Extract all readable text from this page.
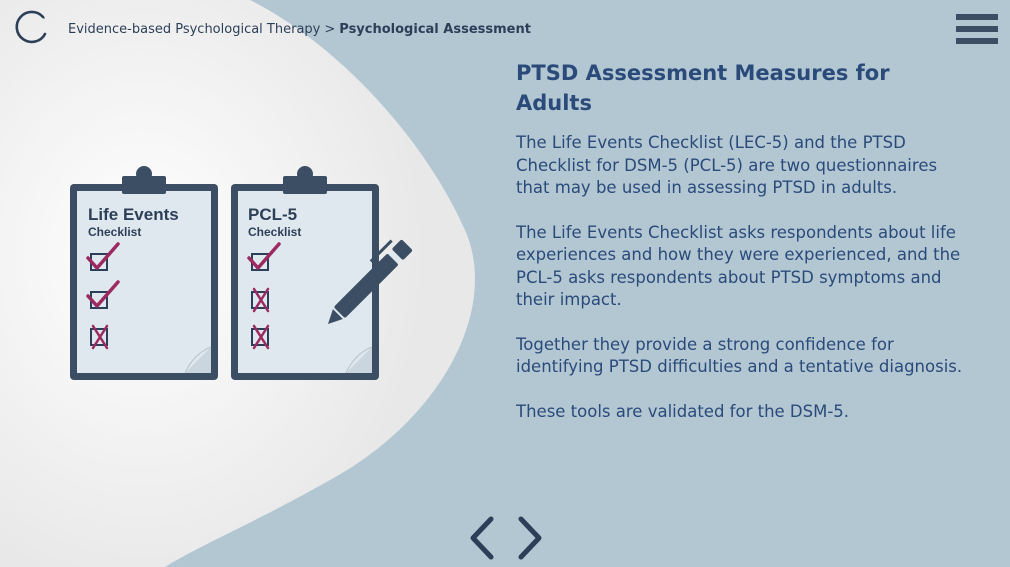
Evidence-based Psychological Therapy > Psychological Assessment
Life Events
Checklist
PCL-5
Checklist
PTSD Assessment Measures for Adults

The Life Events Checklist (LEC-5) and the PTSD Checklist for DSM-5 (PCL-5) are two questionnaires that may be used in assessing PTSD in adults.

The Life Events Checklist asks respondents about life experiences and how they were experienced, and the PCL-5 asks respondents about PTSD symptoms and their impact.

Together they provide a strong confidence for identifying PTSD difficulties and a tentative diagnosis.

These tools are validated for the DSM-5.
